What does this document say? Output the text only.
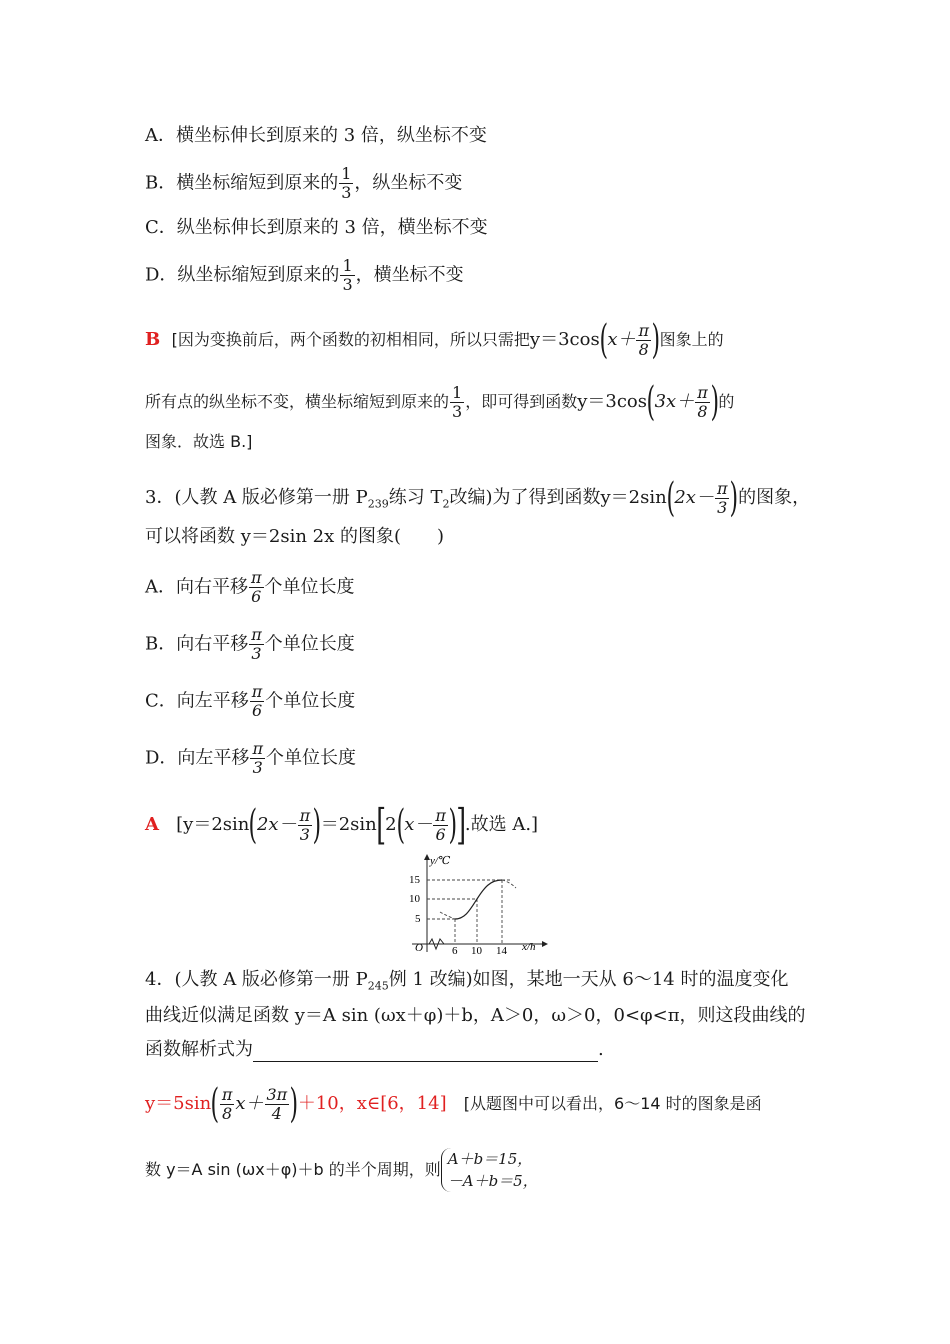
A．横坐标伸长到原来的 3 倍，纵坐标不变
B．横坐标缩短到原来的 $\frac{1}{3}$ ，纵坐标不变
C．纵坐标伸长到原来的 3 倍，横坐标不变
D．纵坐标缩短到原来的 $\frac{1}{3}$ ，横坐标不变
B [因为变换前后，两个函数的初相相同，所以只需把$y=3\cos(x+ \frac{\pi}{8}$ )图象上的
所有点的纵坐标不变，横坐标缩短到原来的 $\frac{1}{3}$ ，即可得到函数$y=3\cos(3x+ \frac{\pi}{8}$ )的
图象．故选 B.]
3．(人教 A 版必修第一册 $P_{239}$练习 $T_2$改编)为了得到函数$y=2\sin(2x- \frac{\pi}{3}$ )的图象，
可以将函数 y＝2sin 2x 的图象(　　)
A．向右平移 $\frac{\pi}{6}$ 个单位长度
B．向右平移 $\frac{\pi}{3}$ 个单位长度
C．向左平移 $\frac{\pi}{6}$ 个单位长度
D．向左平移 $\frac{\pi}{3}$ 个单位长度
A [$y=2\sin(2x- \frac{\pi}{3} )=2\sin[2(x- \frac{\pi}{6}$ )].故选 A.]
y/℃
x/h
O
15
10
5
6 10 14
4．(人教 A 版必修第一册 $P_{245}$例 1 改编)如图，某地一天从 6～14 时的温度变化
曲线近似满足函数 y＝A sin (ωx＋φ)＋b，A＞0，ω＞0，0<φ<π，则这段曲线的
函数解析式为	.
$y=5\sin( \frac{\pi}{8} x+ \frac{3\pi}{4} )+10$，x∈[6，14] [从题图中可以看出，6～14 时的图象是函
数 y＝A sin (ωx＋φ)＋b 的半个周期，则
A＋b＝15，
－A＋b＝5，
